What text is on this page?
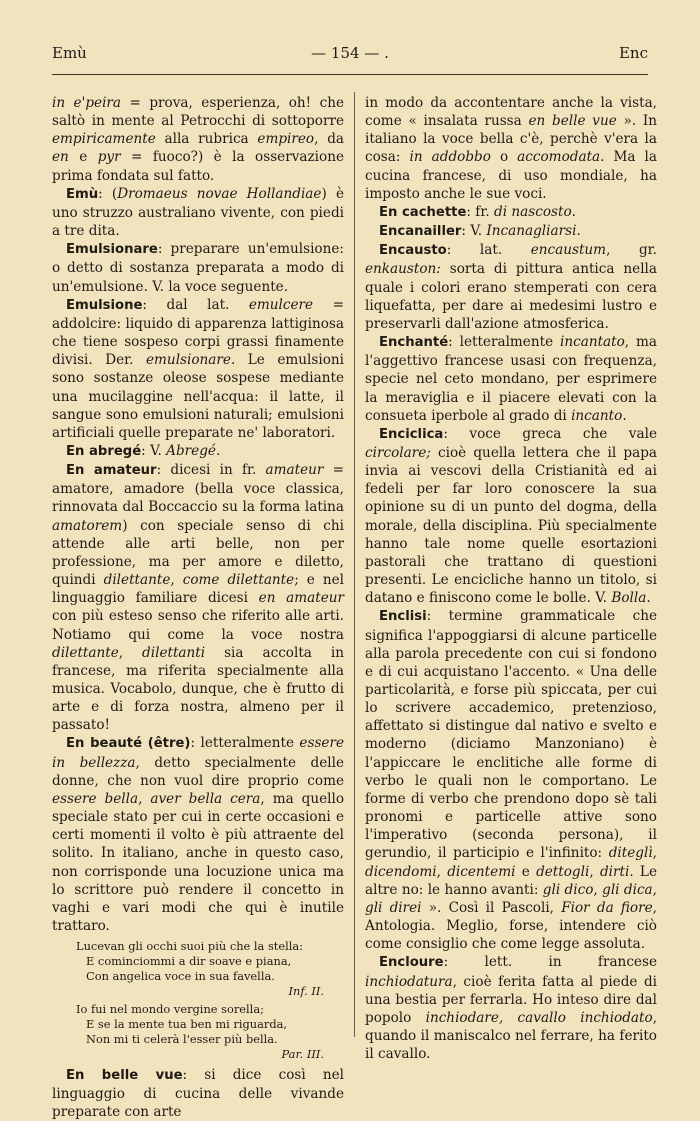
Emù	— 154 — .	Enc

in e'peira = prova, esperienza, oh! che saltò in mente al Petrocchi di sottoporre empiricamente alla rubrica empireo, da en e pyr = fuoco?) è la osservazione prima fondata sul fatto.

Emù: (Dromaeus novae Hollandiae) è uno struzzo australiano vivente, con piedi a tre dita.

Emulsionare: preparare un'emulsione: o detto di sostanza preparata a modo di un'emulsione. V. la voce seguente.

Emulsione: dal lat. emulcere = addolcire: liquido di apparenza lattiginosa che tiene sospeso corpi grassi finamente divisi. Der. emulsionare. Le emulsioni sono sostanze oleose sospese mediante una mucilaggine nell'acqua: il latte, il sangue sono emulsioni naturali; emulsioni artificiali quelle preparate ne' laboratori.

En abregé: V. Abregé.

En amateur: dicesi in fr. amateur = amatore, amadore (bella voce classica, rinnovata dal Boccaccio su la forma latina amatorem) con speciale senso di chi attende alle arti belle, non per professione, ma per amore e diletto, quindi dilettante, come dilettante; e nel linguaggio familiare dicesi en amateur con più esteso senso che riferito alle arti. Notiamo qui come la voce nostra dilettante, dilettanti sia accolta in francese, ma riferita specialmente alla musica. Vocabolo, dunque, che è frutto di arte e di forza nostra, almeno per il passato!

En beauté (être): letteralmente essere in bellezza, detto specialmente delle donne, che non vuol dire proprio come essere bella, aver bella cera, ma quello speciale stato per cui in certe occasioni e certi momenti il volto è più attraente del solito. In italiano, anche in questo caso, non corrisponde una locuzione unica ma lo scrittore può rendere il concetto in vaghi e vari modi che qui è inutile trattaro.

Lucevan gli occhi suoi più che la stella:
E cominciommi a dir soave e piana,
Con angelica voce in sua favella.
Inf. II.
Io fui nel mondo vergine sorella;
E se la mente tua ben mi riguarda,
Non mi ti celerà l'esser più bella.
Par. III.

En belle vue: si dice così nel linguaggio di cucina delle vivande preparate con arte

in modo da accontentare anche la vista, come « insalata russa en belle vue ». In italiano la voce bella c'è, perchè v'era la cosa: in addobbo o accomodata. Ma la cucina francese, di uso mondiale, ha imposto anche le sue voci.

En cachette: fr. di nascosto.

Encanailler: V. Incanagliarsi.

Encausto: lat. encaustum, gr. enkauston: sorta di pittura antica nella quale i colori erano stemperati con cera liquefatta, per dare ai medesimi lustro e preservarli dall'azione atmosferica.

Enchanté: letteralmente incantato, ma l'aggettivo francese usasi con frequenza, specie nel ceto mondano, per esprimere la meraviglia e il piacere elevati con la consueta iperbole al grado di incanto.

Enciclica: voce greca che vale circolare; cioè quella lettera che il papa invia ai vescovi della Cristianità ed ai fedeli per far loro conoscere la sua opinione su di un punto del dogma, della morale, della disciplina. Più specialmente hanno tale nome quelle esortazioni pastorali che trattano di questioni presenti. Le encicliche hanno un titolo, si datano e finiscono come le bolle. V. Bolla.

Enclisi: termine grammaticale che significa l'appoggiarsi di alcune particelle alla parola precedente con cui si fondono e di cui acquistano l'accento. « Una delle particolarità, e forse più spiccata, per cui lo scrivere accademico, pretenzioso, affettato si distingue dal nativo e svelto e moderno (diciamo Manzoniano) è l'appiccare le enclitiche alle forme di verbo le quali non le comportano. Le forme di verbo che prendono dopo sè tali pronomi e particelle attive sono l'imperativo (seconda persona), il gerundio, il participio e l'infinito: diteglì, dicendomi, dicentemi e dettogli, dirti. Le altre no: le hanno avanti: gli dico, gli dica, gli direi ». Così il Pascoli, Fior da fiore, Antologia. Meglio, forse, intendere ciò come consiglio che come legge assoluta.

Encloure: lett. in francese inchiodatura, cioè ferita fatta al piede di una bestia per ferrarla. Ho inteso dire dal popolo inchiodare, cavallo inchiodato, quando il maniscalco nel ferrare, ha ferito il cavallo.
